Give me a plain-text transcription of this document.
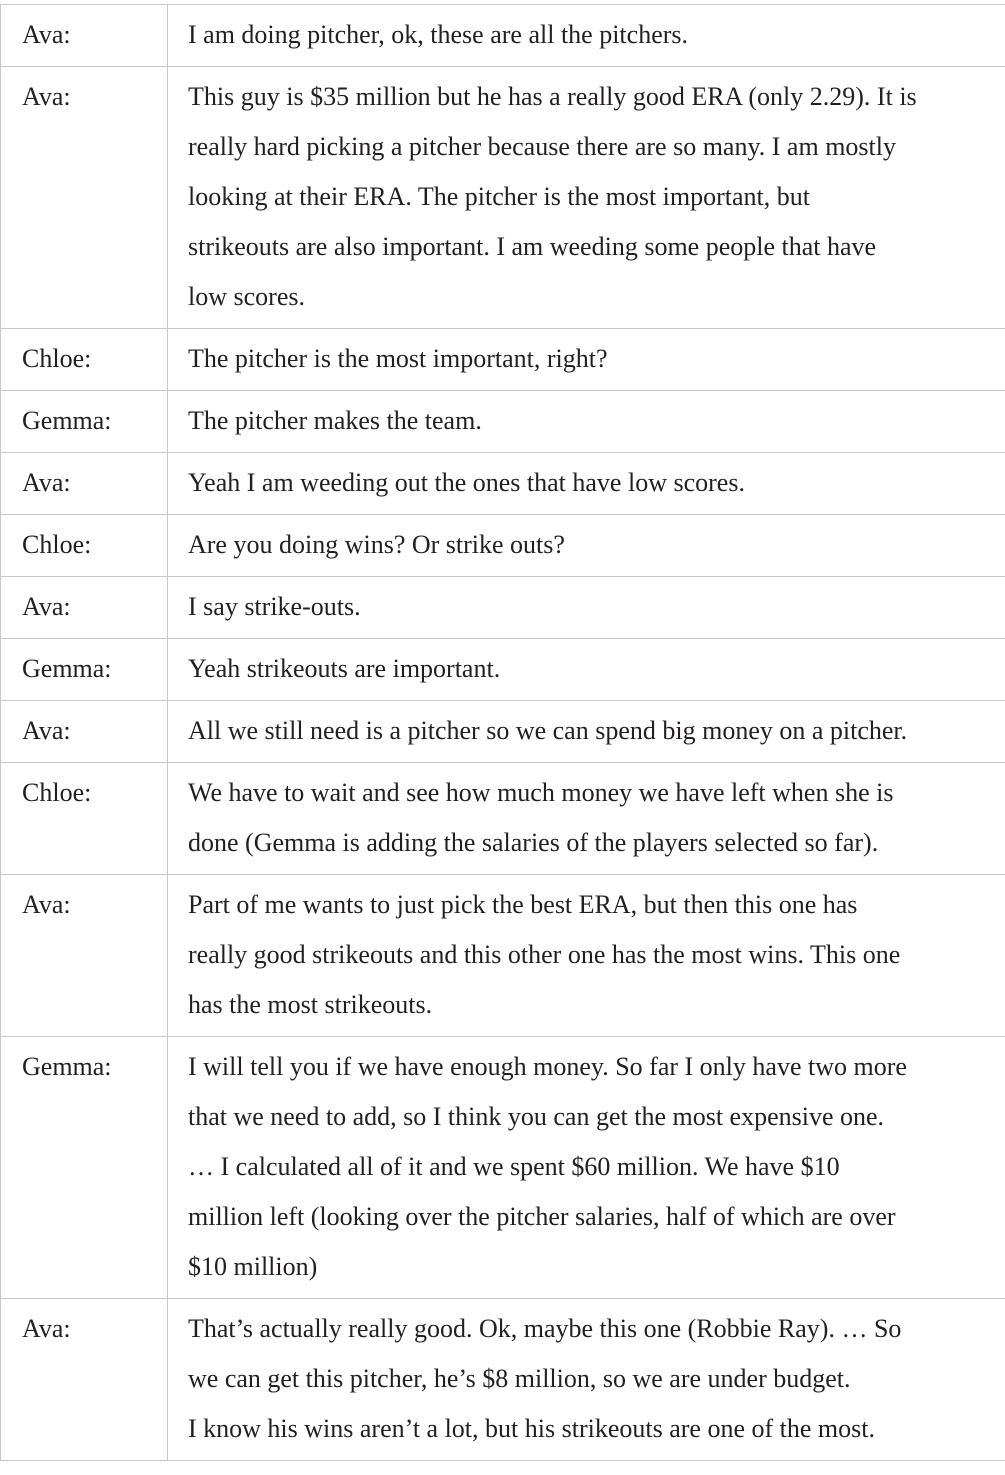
Ava:	I am doing pitcher, ok, these are all the pitchers.

Ava:	This guy is $35 million but he has a really good ERA (only 2.29). It is
really hard picking a pitcher because there are so many. I am mostly
looking at their ERA. The pitcher is the most important, but
strikeouts are also important. I am weeding some people that have
low scores.

Chloe:	The pitcher is the most important, right?

Gemma:	The pitcher makes the team.

Ava:	Yeah I am weeding out the ones that have low scores.

Chloe:	Are you doing wins? Or strike outs?

Ava:	I say strike-outs.

Gemma:	Yeah strikeouts are important.

Ava:	All we still need is a pitcher so we can spend big money on a pitcher.

Chloe:	We have to wait and see how much money we have left when she is
done (Gemma is adding the salaries of the players selected so far).

Ava:	Part of me wants to just pick the best ERA, but then this one has
really good strikeouts and this other one has the most wins. This one
has the most strikeouts.

Gemma:	I will tell you if we have enough money. So far I only have two more
that we need to add, so I think you can get the most expensive one.
… I calculated all of it and we spent $60 million. We have $10
million left (looking over the pitcher salaries, half of which are over
$10 million)

Ava:	That’s actually really good. Ok, maybe this one (Robbie Ray). … So
we can get this pitcher, he’s $8 million, so we are under budget.
I know his wins aren’t a lot, but his strikeouts are one of the most.
